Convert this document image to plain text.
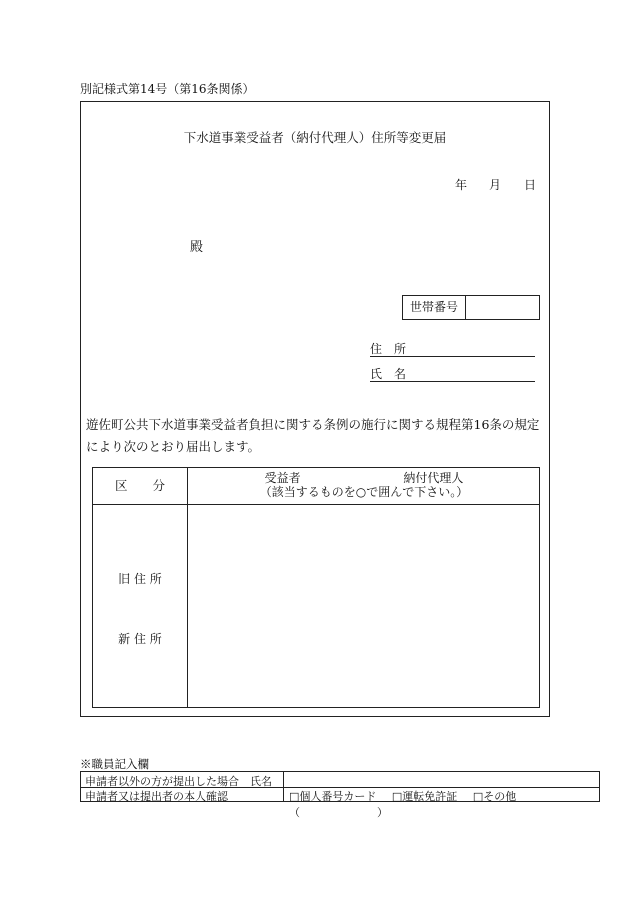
別記様式第14号（第16条関係）
下水道事業受益者（納付代理人）住所等変更届
年 月 日
殿
世帯番号
住　所
氏　名
遊佐町公共下水道事業受益者負担に関する条例の施行に関する規程第16条の規定により次のとおり届出します。
区　　分	受益者	納付代理人
（該当するものを○で囲んで下さい。）
旧 住 所
新 住 所
※職員記入欄
申請者以外の方が提出した場合　氏名
申請者又は提出者の本人確認	□個人番号カード □運転免許証 □その他（　　　　　　　）
